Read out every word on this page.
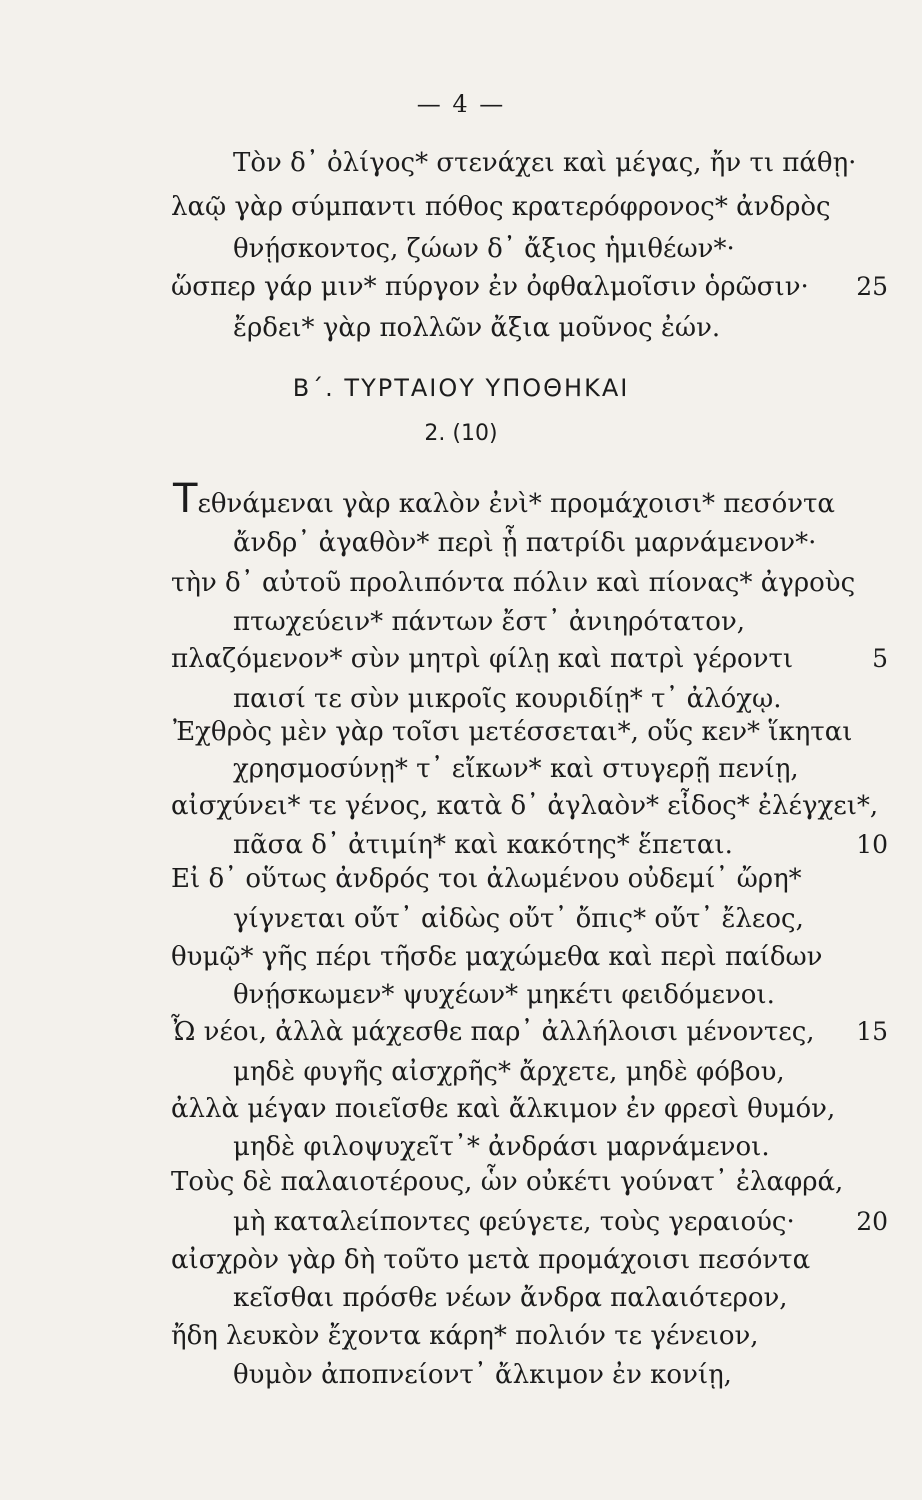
— 4 —
Τὸν δ᾽ ὀλίγος* στενάχει καὶ μέγας, ἤν τι πάθῃ·
λαῷ γὰρ σύμπαντι πόθος κρατερόφρονος* ἀνδρὸς
θνῄσκοντος, ζώων δ᾽ ἄξιος ἡμιθέων*·
ὥσπερ γάρ μιν* πύργον ἐν ὀφθαλμοῖσιν ὁρῶσιν· 25
ἔρδει* γὰρ πολλῶν ἄξια μοῦνος ἐών.
Β΄. ΤΥΡΤΑΙΟΥ ΥΠΟΘΗΚΑΙ
2. (10)
Τεθνάμεναι γὰρ καλὸν ἐνὶ* προμάχοισι* πεσόντα
ἄνδρ᾽ ἀγαθὸν* περὶ ᾗ πατρίδι μαρνάμενον*·
τὴν δ᾽ αὐτοῦ προλιπόντα πόλιν καὶ πίονας* ἀγροὺς
πτωχεύειν* πάντων ἔστ᾽ ἀνιηρότατον,
πλαζόμενον* σὺν μητρὶ φίλῃ καὶ πατρὶ γέροντι	5
παισί τε σὺν μικροῖς κουριδίῃ* τ᾽ ἀλόχῳ.
Ἐχθρὸς μὲν γὰρ τοῖσι μετέσσεται*, οὕς κεν* ἵκηται
χρησμοσύνῃ* τ᾽ εἴκων* καὶ στυγερῇ πενίῃ,
αἰσχύνει* τε γένος, κατὰ δ᾽ ἀγλαὸν* εἶδος* ἐλέγχει*,
πᾶσα δ᾽ ἀτιμίη* καὶ κακότης* ἕπεται.	10
Εἰ δ᾽ οὕτως ἀνδρός τοι ἀλωμένου οὐδεμί᾽ ὤρη*
γίγνεται οὔτ᾽ αἰδὼς οὔτ᾽ ὄπις* οὔτ᾽ ἔλεος,
θυμῷ* γῆς πέρι τῆσδε μαχώμεθα καὶ περὶ παίδων
θνῄσκωμεν* ψυχέων* μηκέτι φειδόμενοι.
Ὦ νέοι, ἀλλὰ μάχεσθε παρ᾽ ἀλλήλοισι μένοντες, 15
μηδὲ φυγῆς αἰσχρῆς* ἄρχετε, μηδὲ φόβου,
ἀλλὰ μέγαν ποιεῖσθε καὶ ἄλκιμον ἐν φρεσὶ θυμόν,
μηδὲ φιλοψυχεῖτ᾽* ἀνδράσι μαρνάμενοι.
Τοὺς δὲ παλαιοτέρους, ὧν οὐκέτι γούνατ᾽ ἐλαφρά,
μὴ καταλείποντες φεύγετε, τοὺς γεραιούς· 20
αἰσχρὸν γὰρ δὴ τοῦτο μετὰ προμάχοισι πεσόντα
κεῖσθαι πρόσθε νέων ἄνδρα παλαιότερον,
ἤδη λευκὸν ἔχοντα κάρη* πολιόν τε γένειον,
θυμὸν ἀποπνείοντ᾽ ἄλκιμον ἐν κονίῃ,
